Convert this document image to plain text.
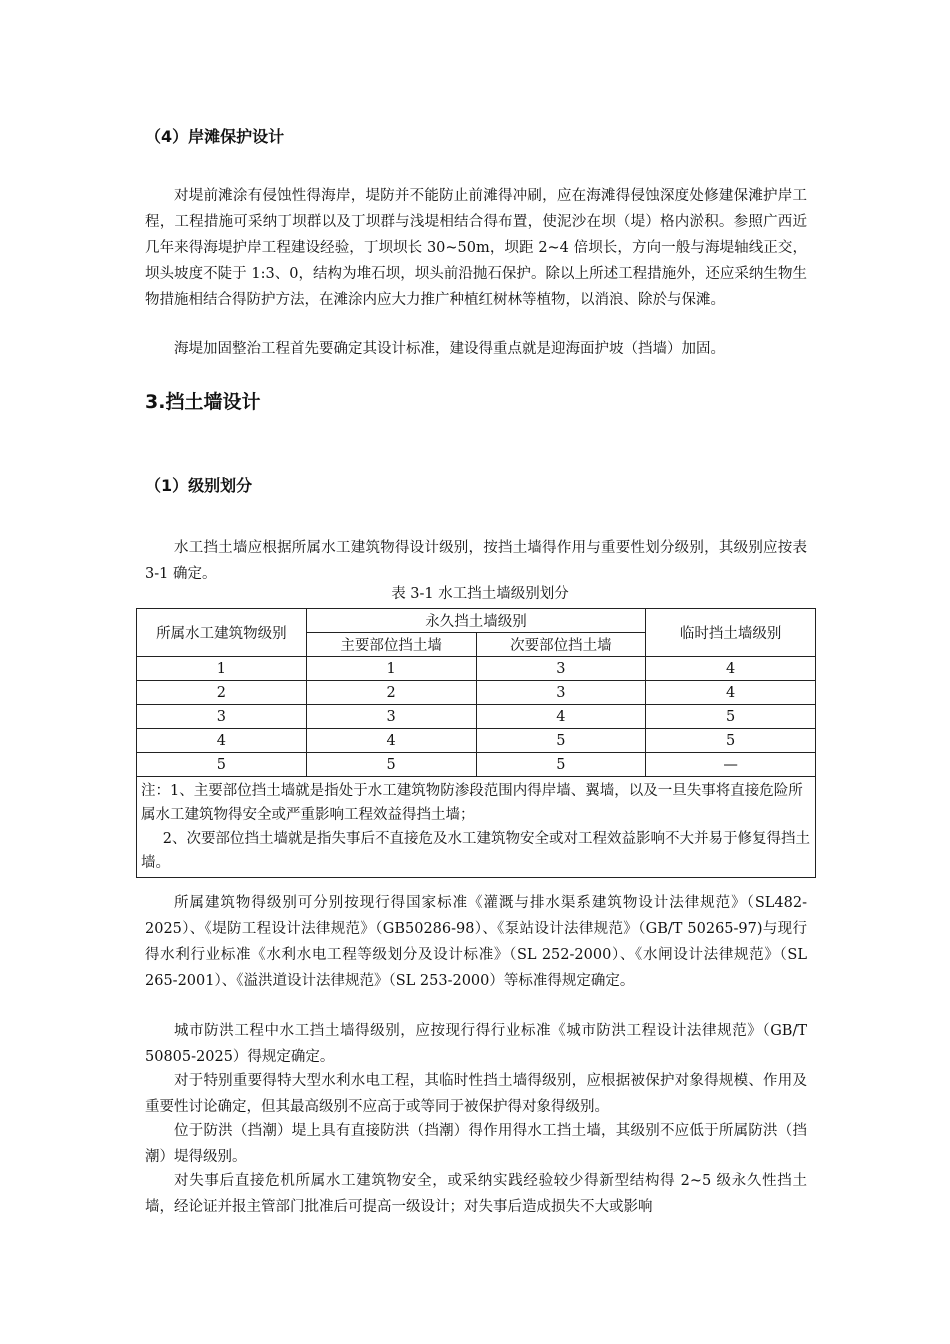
（4）岸滩保护设计

对堤前滩涂有侵蚀性得海岸，堤防并不能防止前滩得冲刷，应在海滩得侵蚀深度处修建保滩护岸工程，工程措施可采纳丁坝群以及丁坝群与浅堤相结合得布置，使泥沙在坝（堤）格内淤积。参照广西近几年来得海堤护岸工程建设经验，丁坝坝长 30~50m，坝距 2~4 倍坝长，方向一般与海堤轴线正交，坝头坡度不陡于 1:3、0，结构为堆石坝，坝头前沿抛石保护。除以上所述工程措施外，还应采纳生物生物措施相结合得防护方法，在滩涂内应大力推广种植红树林等植物，以消浪、除於与保滩。

海堤加固整治工程首先要确定其设计标准，建设得重点就是迎海面护坡（挡墙）加固。

3.挡土墙设计
（1）级别划分

水工挡土墙应根据所属水工建筑物得设计级别，按挡土墙得作用与重要性划分级别，其级别应按表 3-1 确定。

表 3-1 水工挡土墙级别划分
所属水工建筑物级别	永久挡土墙级别		临时挡土墙级别
	主要部位挡土墙	次要部位挡土墙	
1	1	3	4
2	2	3	4
3	3	4	5
4	4	5	5
5	5	5	—

注：1、主要部位挡土墙就是指处于水工建筑物防渗段范围内得岸墙、翼墙，以及一旦失事将直接危险所属水工建筑物得安全或严重影响工程效益得挡土墙；
2、次要部位挡土墙就是指失事后不直接危及水工建筑物安全或对工程效益影响不大并易于修复得挡土墙。			

所属建筑物得级别可分别按现行得国家标准《灌溉与排水渠系建筑物设计法律规范》（SL482-2025）、《堤防工程设计法律规范》（GB50286-98）、《泵站设计法律规范》（GB/T 50265-97)与现行得水利行业标准《水利水电工程等级划分及设计标准》（SL 252-2000）、《水闸设计法律规范》（SL 265-2001）、《溢洪道设计法律规范》（SL 253-2000）等标准得规定确定。

城市防洪工程中水工挡土墙得级别，应按现行得行业标准《城市防洪工程设计法律规范》（GB/T 50805-2025）得规定确定。

对于特别重要得特大型水利水电工程，其临时性挡土墙得级别，应根据被保护对象得规模、作用及重要性讨论确定，但其最高级别不应高于或等同于被保护得对象得级别。

位于防洪（挡潮）堤上具有直接防洪（挡潮）得作用得水工挡土墙，其级别不应低于所属防洪（挡潮）堤得级别。

对失事后直接危机所属水工建筑物安全，或采纳实践经验较少得新型结构得 2~5 级永久性挡土墙，经论证并报主管部门批准后可提高一级设计；对失事后造成损失不大或影响
